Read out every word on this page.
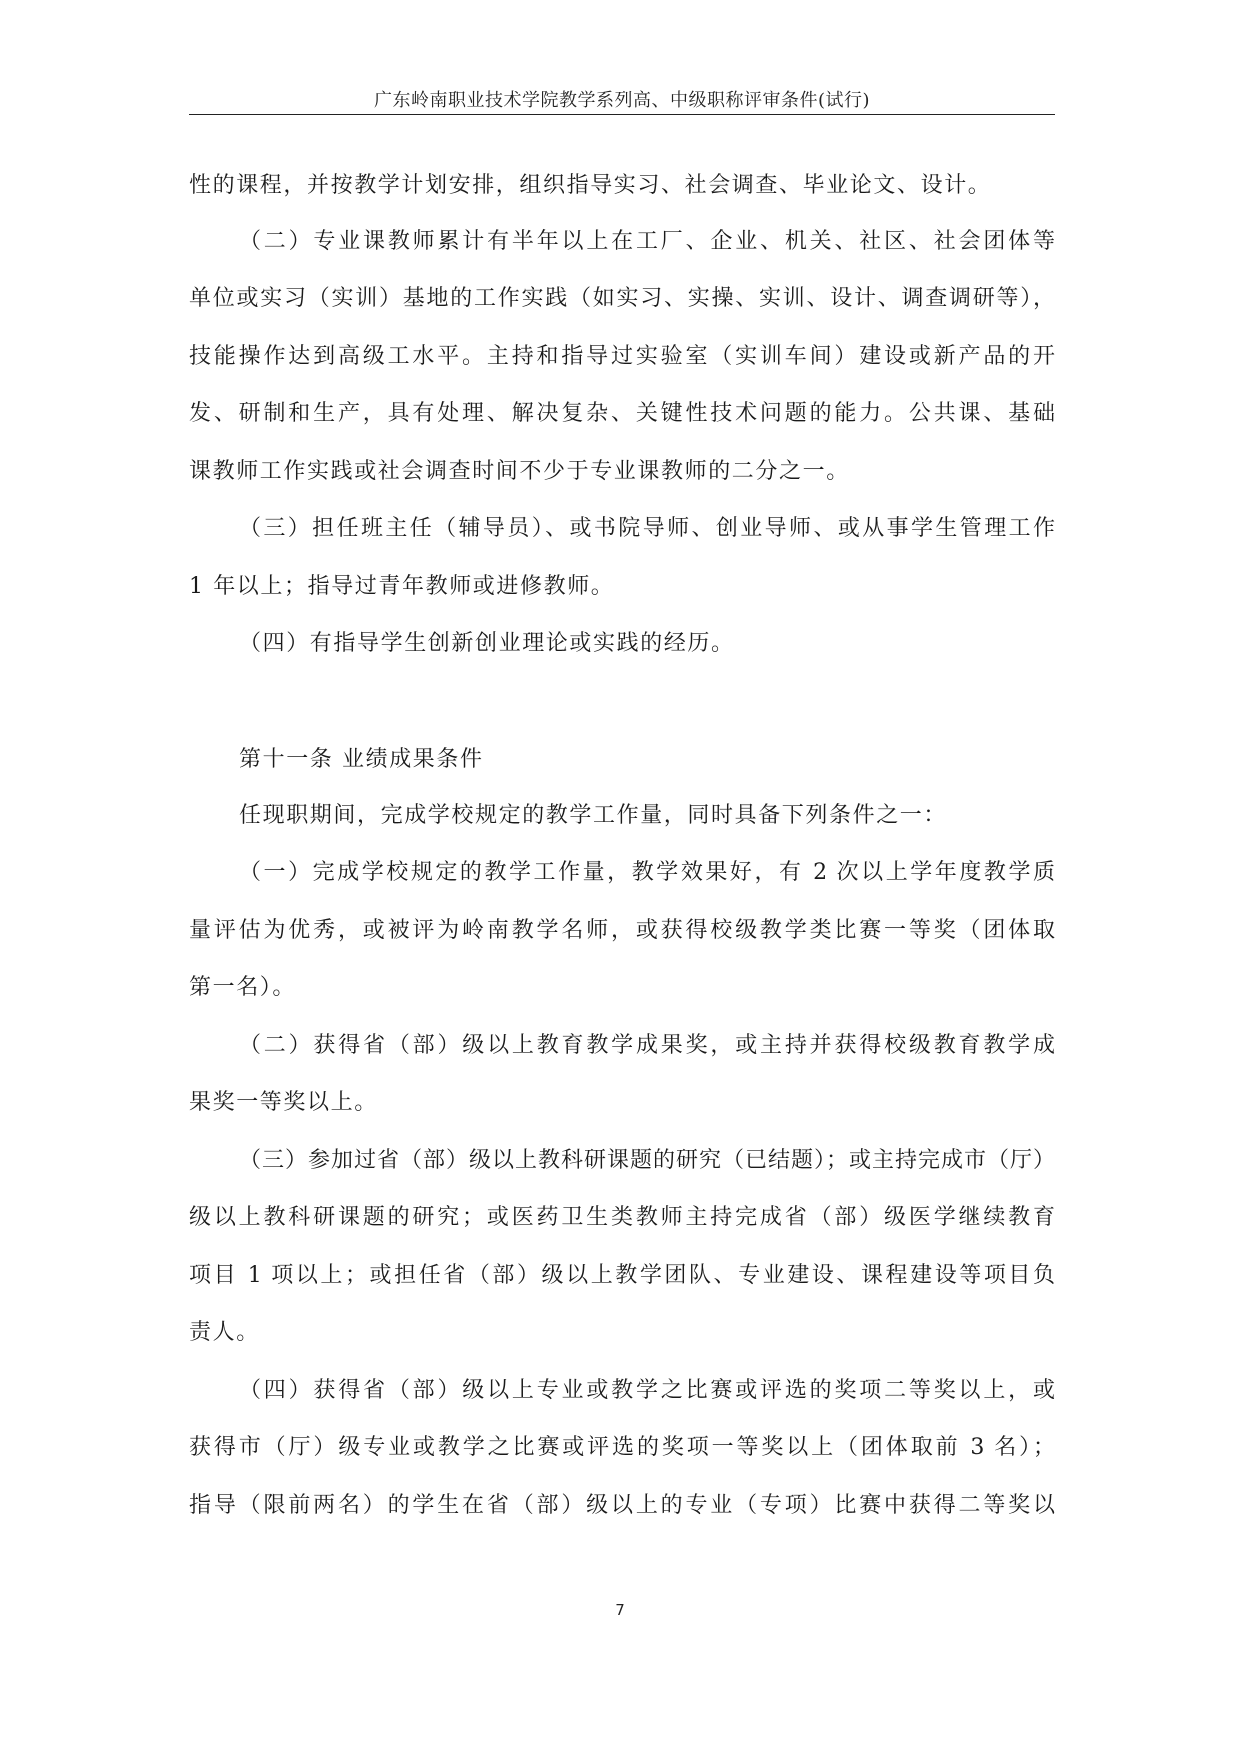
广东岭南职业技术学院教学系列高、中级职称评审条件(试行)
性的课程，并按教学计划安排，组织指导实习、社会调查、毕业论文、设计。
（二）专业课教师累计有半年以上在工厂、企业、机关、社区、社会团体等
单位或实习（实训）基地的工作实践（如实习、实操、实训、设计、调查调研等），
技能操作达到高级工水平。主持和指导过实验室（实训车间）建设或新产品的开
发、研制和生产，具有处理、解决复杂、关键性技术问题的能力。公共课、基础
课教师工作实践或社会调查时间不少于专业课教师的二分之一。
（三）担任班主任（辅导员）、或书院导师、创业导师、或从事学生管理工作
1 年以上；指导过青年教师或进修教师。
（四）有指导学生创新创业理论或实践的经历。
第十一条 业绩成果条件
任现职期间，完成学校规定的教学工作量，同时具备下列条件之一：
（一）完成学校规定的教学工作量，教学效果好，有 2 次以上学年度教学质
量评估为优秀，或被评为岭南教学名师，或获得校级教学类比赛一等奖（团体取
第一名）。
（二）获得省（部）级以上教育教学成果奖，或主持并获得校级教育教学成
果奖一等奖以上。
（三）参加过省（部）级以上教科研课题的研究（已结题）；或主持完成市（厅）
级以上教科研课题的研究；或医药卫生类教师主持完成省（部）级医学继续教育
项目 1 项以上；或担任省（部）级以上教学团队、专业建设、课程建设等项目负
责人。
（四）获得省（部）级以上专业或教学之比赛或评选的奖项二等奖以上，或
获得市（厅）级专业或教学之比赛或评选的奖项一等奖以上（团体取前 3 名）；
指导（限前两名）的学生在省（部）级以上的专业（专项）比赛中获得二等奖以
7
